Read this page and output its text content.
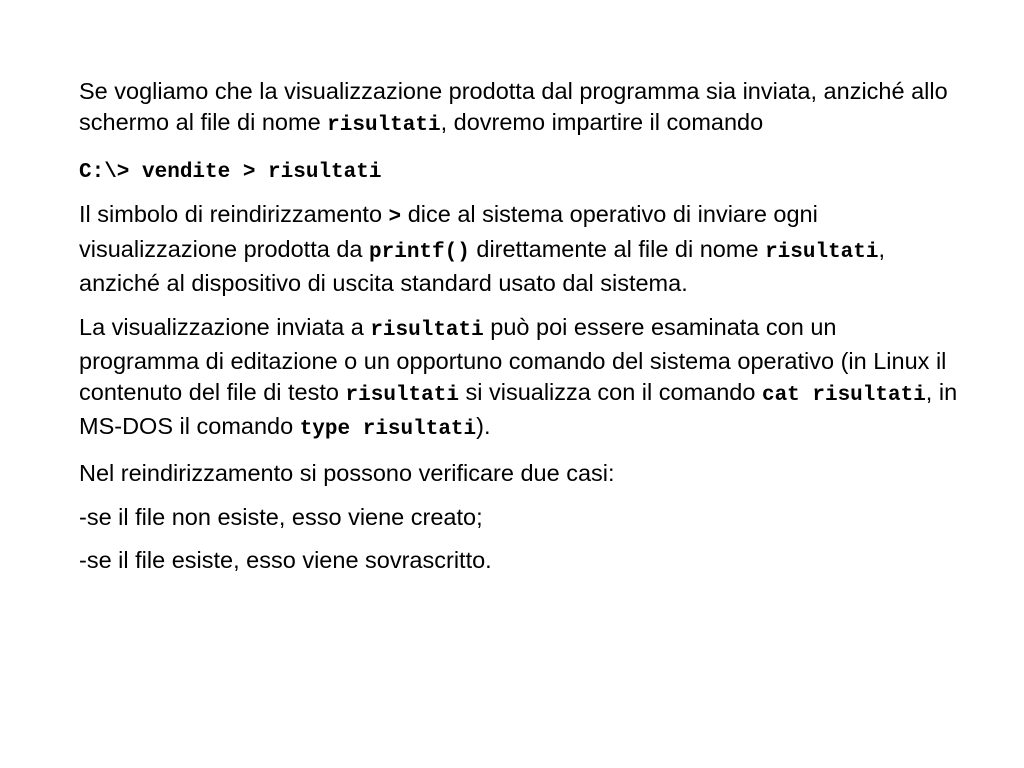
Se vogliamo che la visualizzazione prodotta dal programma sia inviata, anziché allo schermo al file di nome risultati, dovremo impartire il comando

C:\> vendite > risultati

Il simbolo di reindirizzamento > dice al sistema operativo di inviare ogni visualizzazione prodotta da printf() direttamente al file di nome risultati, anziché al dispositivo di uscita standard usato dal sistema.

La visualizzazione inviata a risultati può poi essere esaminata con un programma di editazione o un opportuno comando del sistema operativo (in Linux il contenuto del file di testo risultati si visualizza con il comando cat risultati, in MS-DOS il comando type risultati).

Nel reindirizzamento si possono verificare due casi:

-se il file non esiste, esso viene creato;

-se il file esiste, esso viene sovrascritto.
